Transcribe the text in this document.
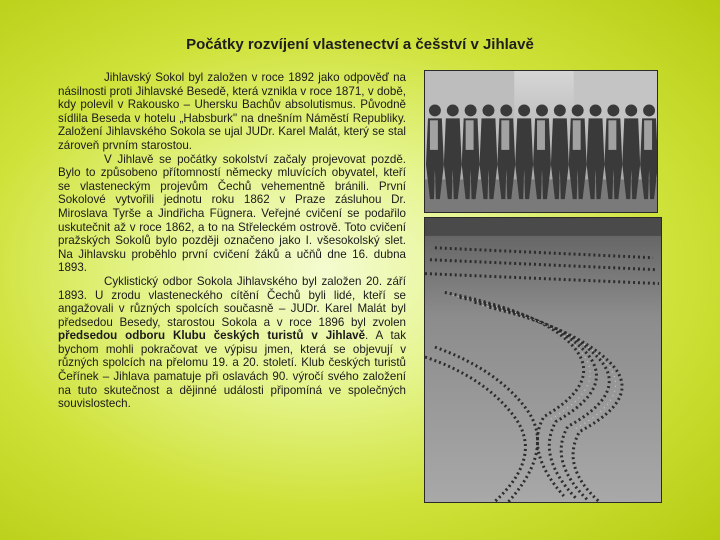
Počátky rozvíjení vlastenectví a češství v Jihlavě

Jihlavský Sokol byl založen v roce 1892 jako odpověď na násilnosti proti Jihlavské Besedě, která vznikla v roce 1871, v době, kdy polevil v Rakousko – Uhersku Bachův absolutismus. Původně sídlila Beseda v hotelu „Habsburk" na dnešním Náměstí Republiky. Založení Jihlavského Sokola se ujal JUDr. Karel Malát, který se stal zároveň prvním starostou.

V Jihlavě se počátky sokolství začaly projevovat pozdě. Bylo to způsobeno přítomností německy mluvících obyvatel, kteří se vlasteneckým projevům Čechů vehementně bránili. První Sokolové vytvořili jednotu roku 1862 v Praze zásluhou Dr. Miroslava Tyrše a Jindřicha Fügnera. Veřejné cvičení se podařilo uskutečnit až v roce 1862, a to na Střeleckém ostrově. Toto cvičení pražských Sokolů bylo později označeno jako I. všesokolský slet. Na Jihlavsku proběhlo první cvičení žáků a učňů dne 16. dubna 1893.

Cyklistický odbor Sokola Jihlavského byl založen 20. září 1893. U zrodu vlasteneckého cítění Čechů byli lidé, kteří se angažovali v různých spolcích současně – JUDr. Karel Malát byl předsedou Besedy, starostou Sokola a v roce 1896 byl zvolen předsedou odboru Klubu českých turistů v Jihlavě. A tak bychom mohli pokračovat ve výpisu jmen, která se objevují v různých spolcích na přelomu 19. a 20. století. Klub českých turistů Čeřínek – Jihlava pamatuje při oslavách 90. výročí svého založení na tuto skutečnost a dějinné události připomíná ve společných souvislostech.
